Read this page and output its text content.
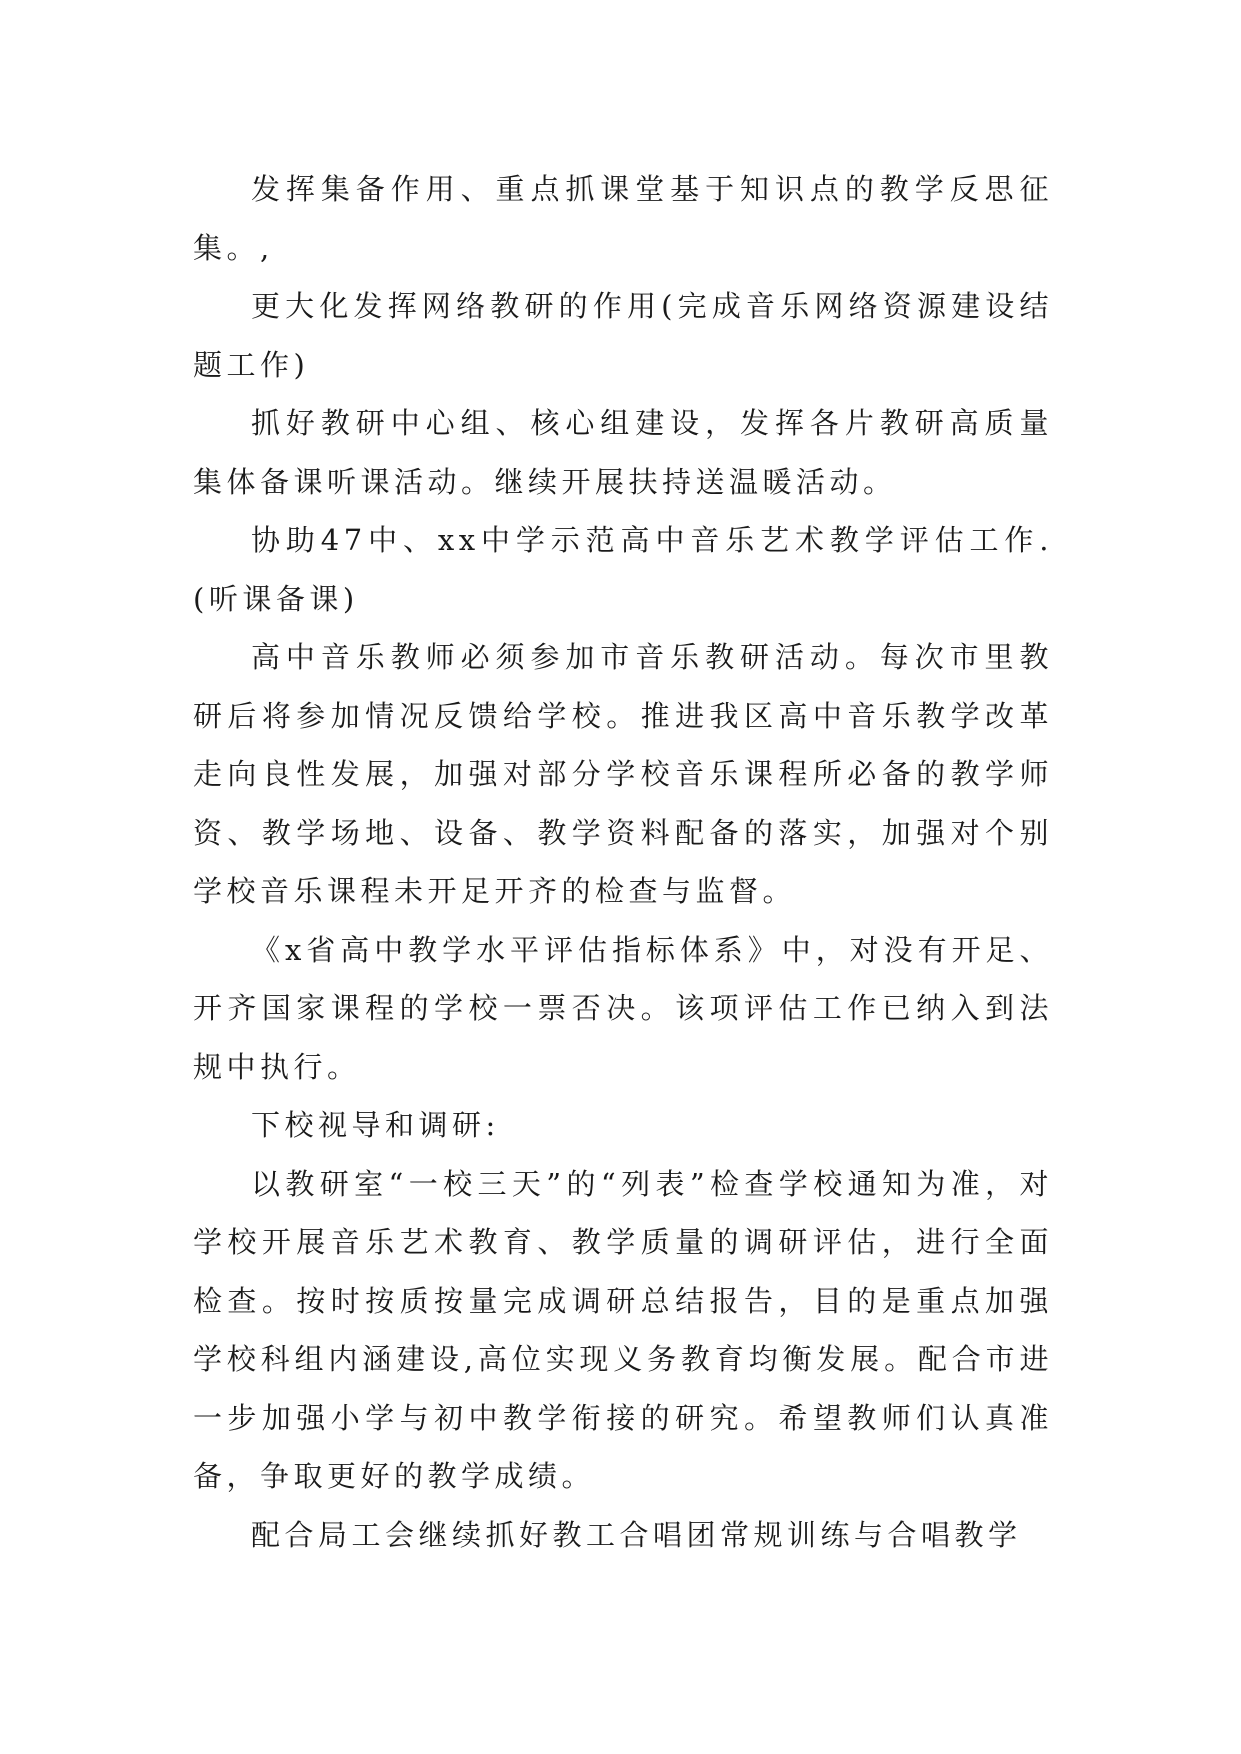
发挥集备作用、重点抓课堂基于知识点的教学反思征集。,

更大化发挥网络教研的作用(完成音乐网络资源建设结题工作)

抓好教研中心组、核心组建设，发挥各片教研高质量集体备课听课活动。继续开展扶持送温暖活动。

协助47中、xx中学示范高中音乐艺术教学评估工作.(听课备课)

高中音乐教师必须参加市音乐教研活动。每次市里教研后将参加情况反馈给学校。推进我区高中音乐教学改革走向良性发展，加强对部分学校音乐课程所必备的教学师资、教学场地、设备、教学资料配备的落实，加强对个别学校音乐课程未开足开齐的检查与监督。

《x省高中教学水平评估指标体系》中，对没有开足、开齐国家课程的学校一票否决。该项评估工作已纳入到法规中执行。

下校视导和调研:

以教研室“一校三天”的“列表”检查学校通知为准，对学校开展音乐艺术教育、教学质量的调研评估，进行全面检查。按时按质按量完成调研总结报告，目的是重点加强学校科组内涵建设,高位实现义务教育均衡发展。配合市进一步加强小学与初中教学衔接的研究。希望教师们认真准备，争取更好的教学成绩。

配合局工会继续抓好教工合唱团常规训练与合唱教学
